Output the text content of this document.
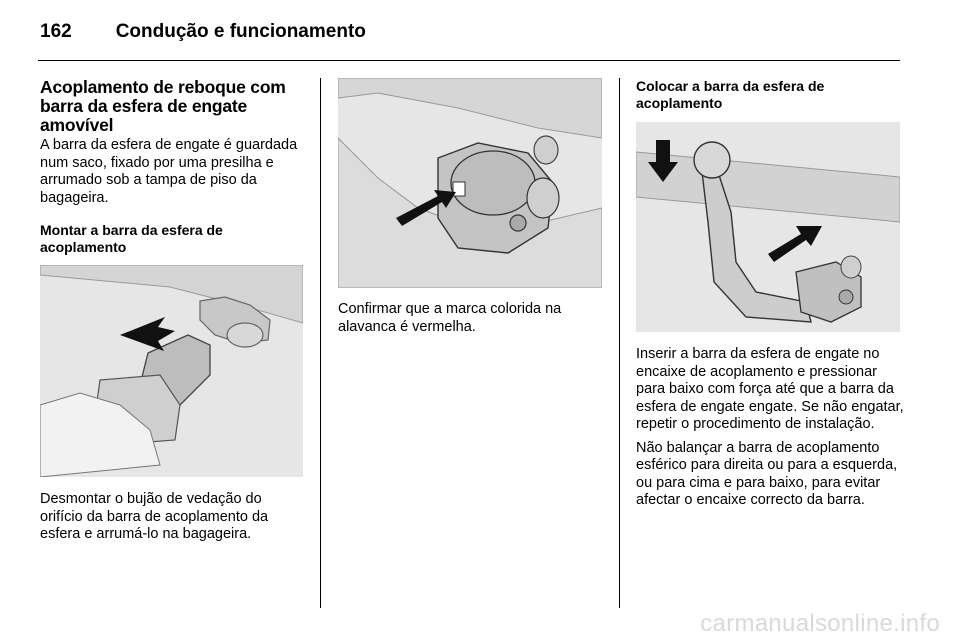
162 Condução e funcionamento
Acoplamento de reboque com barra da esfera de engate amovível

A barra da esfera de engate é guardada num saco, fixado por uma presilha e arrumado sob a tampa de piso da bagageira.

Montar a barra da esfera de acoplamento

Desmontar o bujão de vedação do orifício da barra de acoplamento da esfera e arrumá-lo na bagageira.

Confirmar que a marca colorida na alavanca é vermelha.

Colocar a barra da esfera de acoplamento

Inserir a barra da esfera de engate no encaixe de acoplamento e pressionar para baixo com força até que a barra da esfera de engate engate. Se não engatar, repetir o procedimento de instalação.

Não balançar a barra de acoplamento esférico para direita ou para a esquerda, ou para cima e para baixo, para evitar afectar o encaixe correcto da barra.

carmanualsonline.info
